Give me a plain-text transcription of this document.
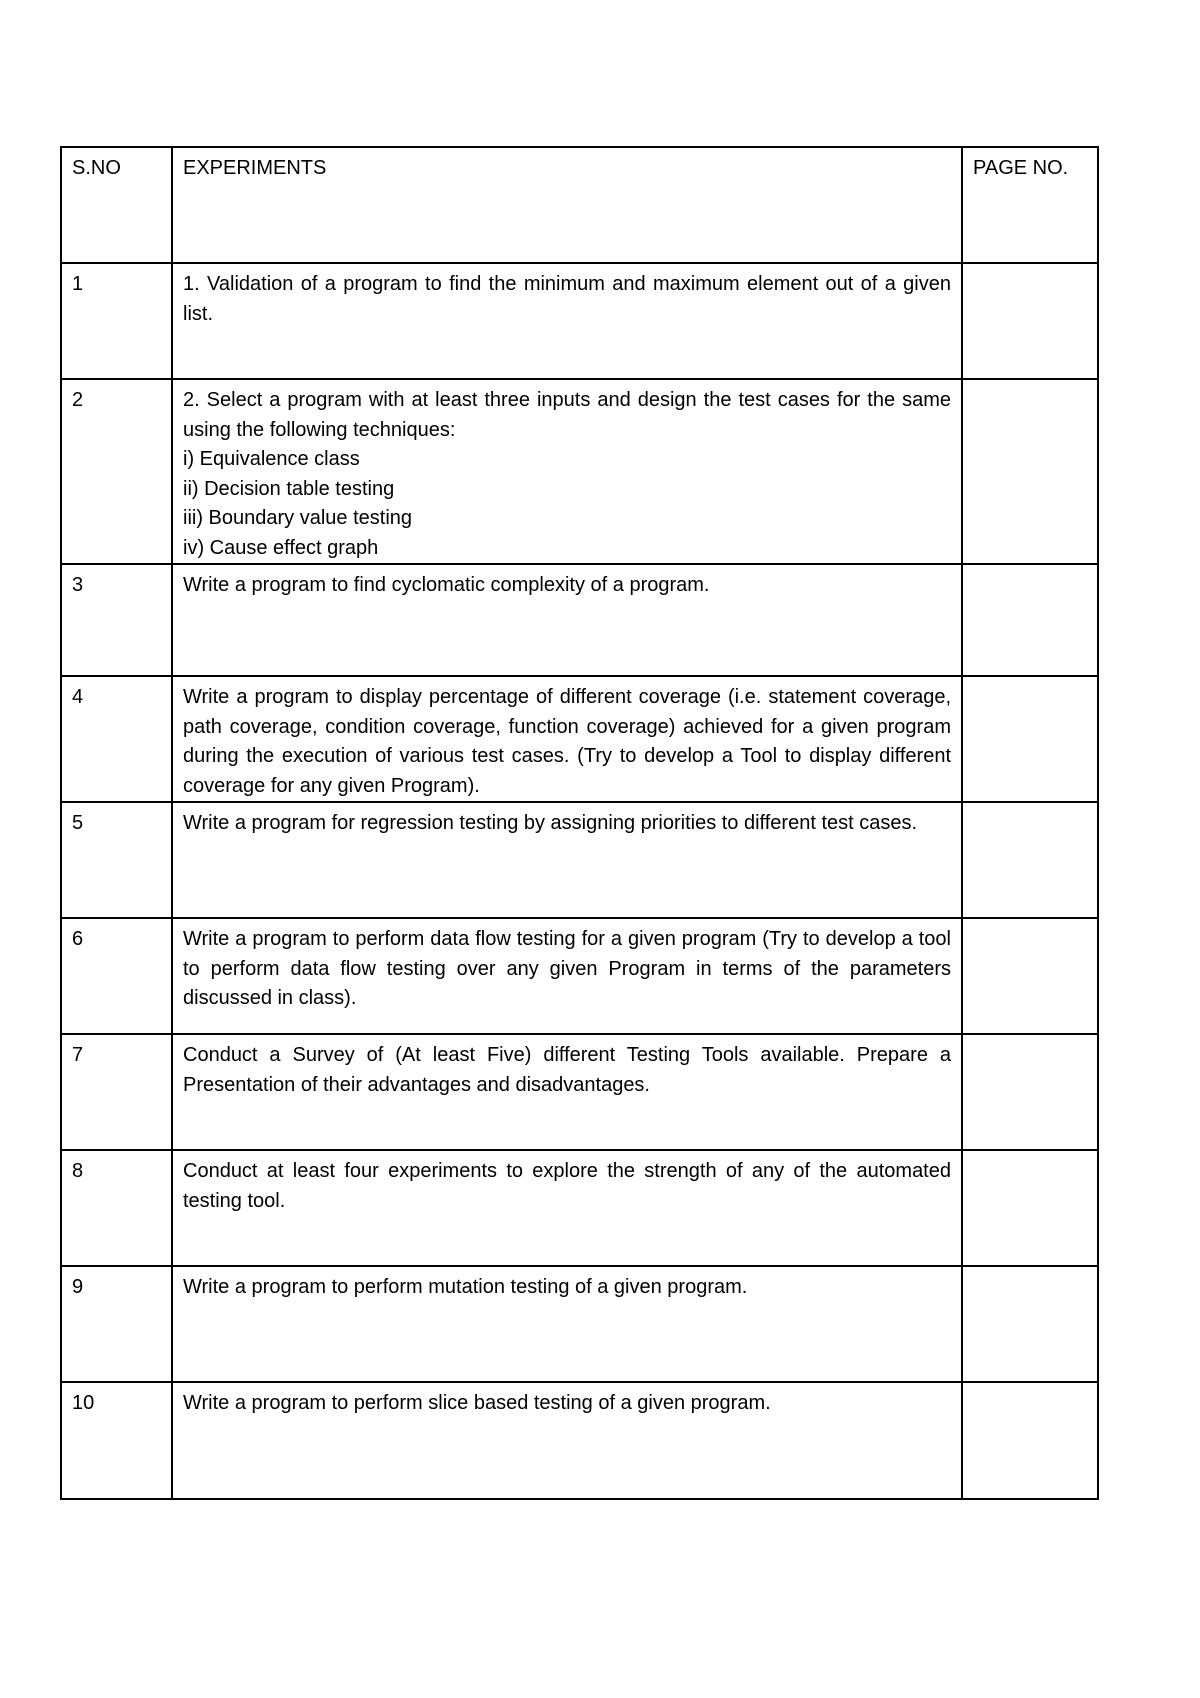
S.NO	EXPERIMENTS	PAGE NO.
1	1. Validation of a program to find the minimum and maximum element out of a given list.	

2	2. Select a program with at least three inputs and design the test cases for the same using the following techniques:
i) Equivalence class
ii) Decision table testing
iii) Boundary value testing
iv) Cause effect graph	

3	Write a program to find cyclomatic complexity of a program.	

4	Write a program to display percentage of different coverage (i.e. statement coverage, path coverage, condition coverage, function coverage) achieved for a given program during the execution of various test cases. (Try to develop a Tool to display different coverage for any given Program).	

5	Write a program for regression testing by assigning priorities to different test cases.	

6	Write a program to perform data flow testing for a given program (Try to develop a tool to perform data flow testing over any given Program in terms of the parameters discussed in class).	

7	Conduct a Survey of (At least Five) different Testing Tools available. Prepare a Presentation of their advantages and disadvantages.	

8	Conduct at least four experiments to explore the strength of any of the automated testing tool.	

9	Write a program to perform mutation testing of a given program.	

10	Write a program to perform slice based testing of a given program.	
